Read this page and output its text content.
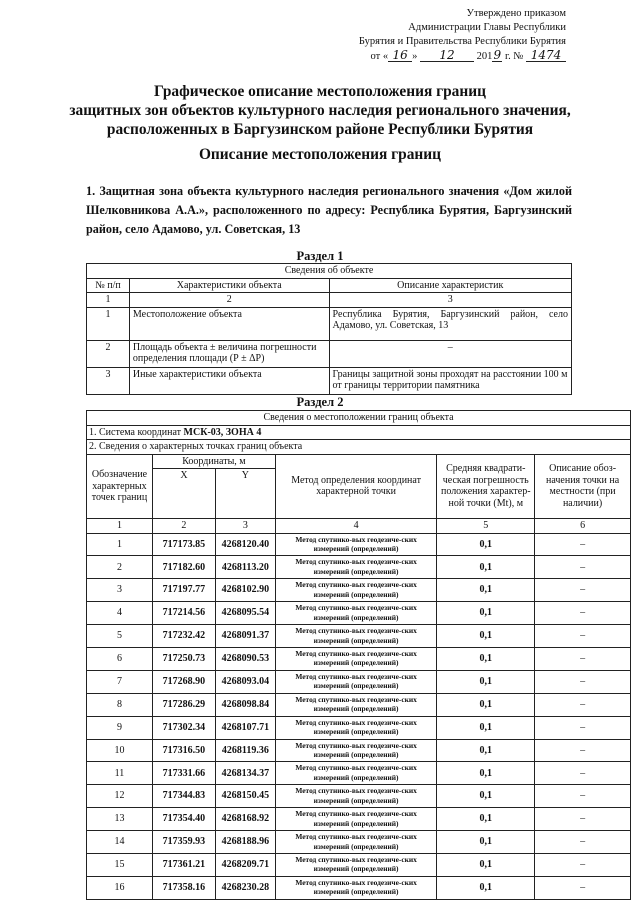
Утверждено приказом
Администрации Главы Республики
Бурятия и Правительства Республики Бурятия
от « 16 » 12 2019 г. № 1474
Графическое описание местоположения границ
защитных зон объектов культурного наследия регионального значения,
расположенных в Баргузинском районе Республики Бурятия
Описание местоположения границ
1. Защитная зона объекта культурного наследия регионального значения «Дом жилой Шелковникова А.А.», расположенного по адресу: Республика Бурятия, Баргузинский район, село Адамово, ул. Советская, 13
Раздел 1
Сведения об объекте		
№ п/п	Характеристики объекта	Описание характеристик
1	2	3
1	Местоположение объекта	Республика Бурятия, Баргузинский район, село Адамово, ул. Советская, 13
2	Площадь объекта ± величина погрешности определения площади (Р ± ΔР)	–
3	Иные характеристики объекта	Границы защитной зоны проходят на расстоянии 100 м от границы территории памятника
Раздел 2
Сведения о местоположении границ объекта					
1. Система координат МСК-03, ЗОНА 4					
2. Сведения о характерных точках границ объекта					
Обозначение характерных точек границ	Координаты, м		Метод определения координат характерной точки	Средняя квадрати-ческая погрешность положения характер-ной точки (Mt), м	Описание обоз-начения точки на местности (при наличии)
	X	Y			
1	2	3	4	5	6
1	717173.85	4268120.40	Метод спутнико-вых геодезиче-ских измерений (определений)	0,1	–
2	717182.60	4268113.20	Метод спутнико-вых геодезиче-ских измерений (определений)	0,1	–
3	717197.77	4268102.90	Метод спутнико-вых геодезиче-ских измерений (определений)	0,1	–
4	717214.56	4268095.54	Метод спутнико-вых геодезиче-ских измерений (определений)	0,1	–
5	717232.42	4268091.37	Метод спутнико-вых геодезиче-ских измерений (определений)	0,1	–
6	717250.73	4268090.53	Метод спутнико-вых геодезиче-ских измерений (определений)	0,1	–
7	717268.90	4268093.04	Метод спутнико-вых геодезиче-ских измерений (определений)	0,1	–
8	717286.29	4268098.84	Метод спутнико-вых геодезиче-ских измерений (определений)	0,1	–
9	717302.34	4268107.71	Метод спутнико-вых геодезиче-ских измерений (определений)	0,1	–
10	717316.50	4268119.36	Метод спутнико-вых геодезиче-ских измерений (определений)	0,1	–
11	717331.66	4268134.37	Метод спутнико-вых геодезиче-ских измерений (определений)	0,1	–
12	717344.83	4268150.45	Метод спутнико-вых геодезиче-ских измерений (определений)	0,1	–
13	717354.40	4268168.92	Метод спутнико-вых геодезиче-ских измерений (определений)	0,1	–
14	717359.93	4268188.96	Метод спутнико-вых геодезиче-ских измерений (определений)	0,1	–
15	717361.21	4268209.71	Метод спутнико-вых геодезиче-ских измерений (определений)	0,1	–
16	717358.16	4268230.28	Метод спутнико-вых геодезиче-ских измерений (определений)	0,1	–
